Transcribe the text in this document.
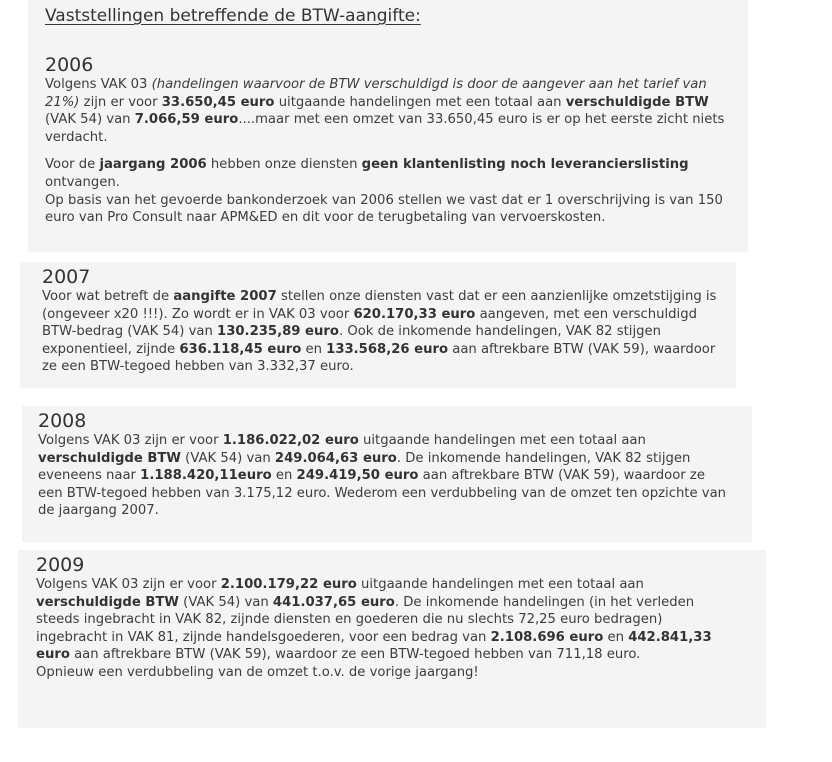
Vaststellingen betreffende de BTW-aangifte:
2006
Volgens VAK 03 (handelingen waarvoor de BTW verschuldigd is door de aangever aan het tarief van 21%) zijn er voor 33.650,45 euro uitgaande handelingen met een totaal aan verschuldigde BTW (VAK 54) van 7.066,59 euro....maar met een omzet van 33.650,45 euro is er op het eerste zicht niets verdacht.
Voor de jaargang 2006 hebben onze diensten geen klantenlisting noch leverancierslisting ontvangen.
Op basis van het gevoerde bankonderzoek van 2006 stellen we vast dat er 1 overschrijving is van 150 euro van Pro Consult naar APM&ED en dit voor de terugbetaling van vervoerskosten.
2007
Voor wat betreft de aangifte 2007 stellen onze diensten vast dat er een aanzienlijke omzetstijging is (ongeveer x20 !!!). Zo wordt er in VAK 03 voor 620.170,33 euro aangeven, met een verschuldigd BTW-bedrag (VAK 54) van 130.235,89 euro. Ook de inkomende handelingen, VAK 82 stijgen exponentieel, zijnde 636.118,45 euro en 133.568,26 euro aan aftrekbare BTW (VAK 59), waardoor ze een BTW-tegoed hebben van 3.332,37 euro.
2008
Volgens VAK 03 zijn er voor 1.186.022,02 euro uitgaande handelingen met een totaal aan verschuldigde BTW (VAK 54) van 249.064,63 euro. De inkomende handelingen, VAK 82 stijgen eveneens naar 1.188.420,11euro en 249.419,50 euro aan aftrekbare BTW (VAK 59), waardoor ze een BTW-tegoed hebben van 3.175,12 euro. Wederom een verdubbeling van de omzet ten opzichte van de jaargang 2007.
2009
Volgens VAK 03 zijn er voor 2.100.179,22 euro uitgaande handelingen met een totaal aan verschuldigde BTW (VAK 54) van 441.037,65 euro. De inkomende handelingen (in het verleden steeds ingebracht in VAK 82, zijnde diensten en goederen die nu slechts 72,25 euro bedragen) ingebracht in VAK 81, zijnde handelsgoederen, voor een bedrag van 2.108.696 euro en 442.841,33 euro aan aftrekbare BTW (VAK 59), waardoor ze een BTW-tegoed hebben van 711,18 euro.
Opnieuw een verdubbeling van de omzet t.o.v. de vorige jaargang!
